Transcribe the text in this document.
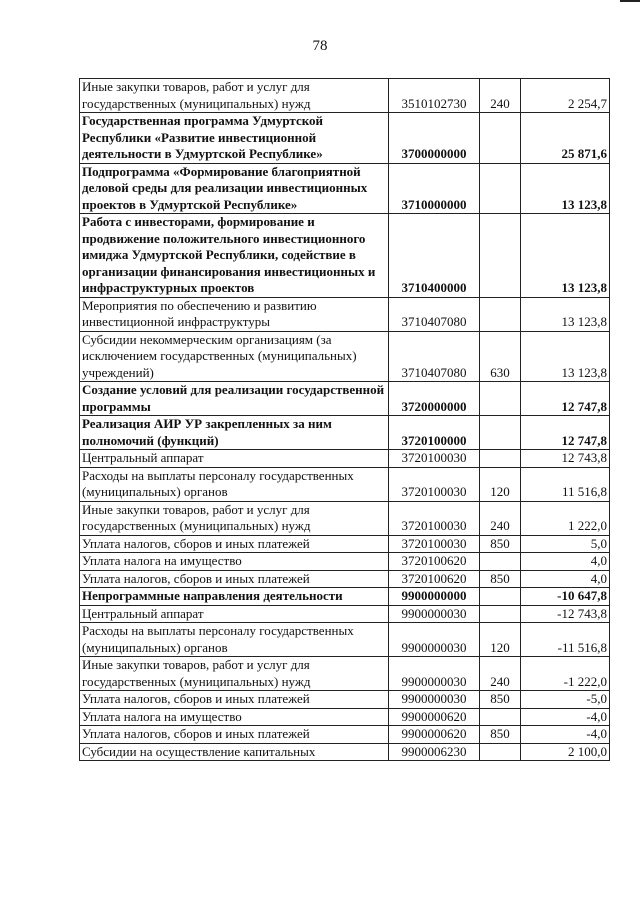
78
Иные закупки товаров, работ и услуг для государственных (муниципальных) нужд	3510102730	240	2 254,7
Государственная программа Удмуртской Республики «Развитие инвестиционной деятельности в Удмуртской Республике»	3700000000		25 871,6
Подпрограмма «Формирование благоприятной деловой среды для реализации инвестиционных проектов в Удмуртской Республике»	3710000000		13 123,8
Работа с инвесторами, формирование и продвижение положительного инвестиционного имиджа Удмуртской Республики, содействие в организации финансирования инвестиционных и инфраструктурных проектов	3710400000		13 123,8
Мероприятия по обеспечению и развитию инвестиционной инфраструктуры	3710407080		13 123,8
Субсидии некоммерческим организациям (за исключением государственных (муниципальных) учреждений)	3710407080	630	13 123,8
Создание условий для реализации государственной программы	3720000000		12 747,8
Реализация АИР УР закрепленных за ним полномочий (функций)	3720100000		12 747,8
Центральный аппарат	3720100030		12 743,8
Расходы на выплаты персоналу государственных (муниципальных) органов	3720100030	120	11 516,8
Иные закупки товаров, работ и услуг для государственных (муниципальных) нужд	3720100030	240	1 222,0
Уплата налогов, сборов и иных платежей	3720100030	850	5,0
Уплата налога на имущество	3720100620		4,0
Уплата налогов, сборов и иных платежей	3720100620	850	4,0
Непрограммные направления деятельности	9900000000		-10 647,8
Центральный аппарат	9900000030		-12 743,8
Расходы на выплаты персоналу государственных (муниципальных) органов	9900000030	120	-11 516,8
Иные закупки товаров, работ и услуг для государственных (муниципальных) нужд	9900000030	240	-1 222,0
Уплата налогов, сборов и иных платежей	9900000030	850	-5,0
Уплата налога на имущество	9900000620		-4,0
Уплата налогов, сборов и иных платежей	9900000620	850	-4,0
Субсидии на осуществление капитальных	9900006230		2 100,0
